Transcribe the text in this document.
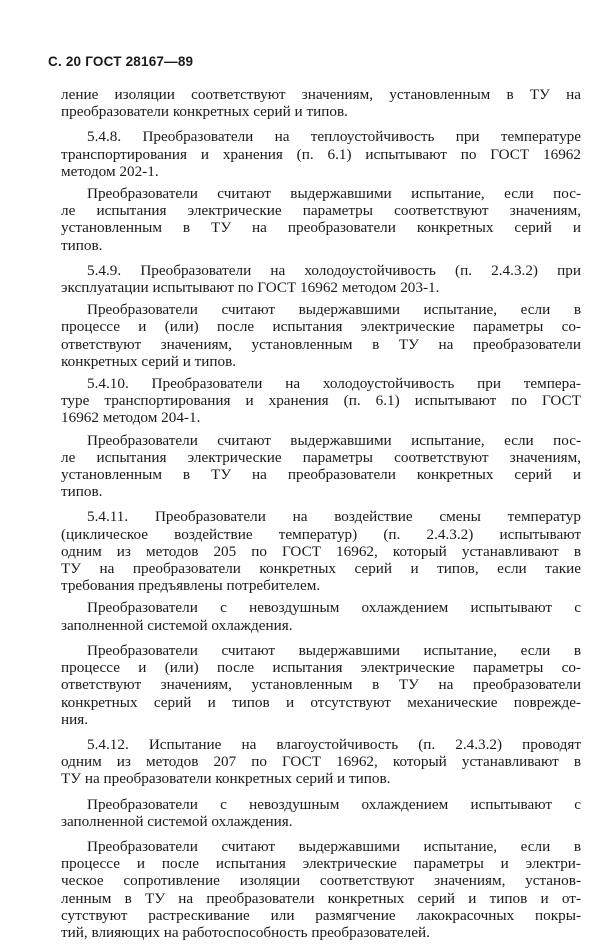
С. 20 ГОСТ 28167—89
ление изоляции соответствуют значениям, установленным в ТУ на
преобразователи конкретных серий и типов.
5.4.8. Преобразователи на теплоустойчивость при температуре
транспортирования и хранения (п. 6.1) испытывают по ГОСТ 16962
методом 202-1.
Преобразователи считают выдержавшими испытание, если пос-
ле испытания электрические параметры соответствуют значениям,
установленным в ТУ на преобразователи конкретных серий и
типов.
5.4.9. Преобразователи на холодоустойчивость (п. 2.4.3.2) при
эксплуатации испытывают по ГОСТ 16962 методом 203-1.
Преобразователи считают выдержавшими испытание, если в
процессе и (или) после испытания электрические параметры со-
ответствуют значениям, установленным в ТУ на преобразователи
конкретных серий и типов.
5.4.10. Преобразователи на холодоустойчивость при темпера-
туре транспортирования и хранения (п. 6.1) испытывают по ГОСТ
16962 методом 204-1.
Преобразователи считают выдержавшими испытание, если пос-
ле испытания электрические параметры соответствуют значениям,
установленным в ТУ на преобразователи конкретных серий и
типов.
5.4.11. Преобразователи на воздействие смены температур
(циклическое воздействие температур) (п. 2.4.3.2) испытывают
одним из методов 205 по ГОСТ 16962, который устанавливают в
ТУ на преобразователи конкретных серий и типов, если такие
требования предъявлены потребителем.
Преобразователи с невоздушным охлаждением испытывают с
заполненной системой охлаждения.
Преобразователи считают выдержавшими испытание, если в
процессе и (или) после испытания электрические параметры со-
ответствуют значениям, установленным в ТУ на преобразователи
конкретных серий и типов и отсутствуют механические поврежде-
ния.
5.4.12. Испытание на влагоустойчивость (п. 2.4.3.2) проводят
одним из методов 207 по ГОСТ 16962, который устанавливают в
ТУ на преобразователи конкретных серий и типов.
Преобразователи с невоздушным охлаждением испытывают с
заполненной системой охлаждения.
Преобразователи считают выдержавшими испытание, если в
процессе и после испытания электрические параметры и электри-
ческое сопротивление изоляции соответствуют значениям, установ-
ленным в ТУ на преобразователи конкретных серий и типов и от-
сутствуют растрескивание или размягчение лакокрасочных покры-
тий, влияющих на работоспособность преобразователей.
